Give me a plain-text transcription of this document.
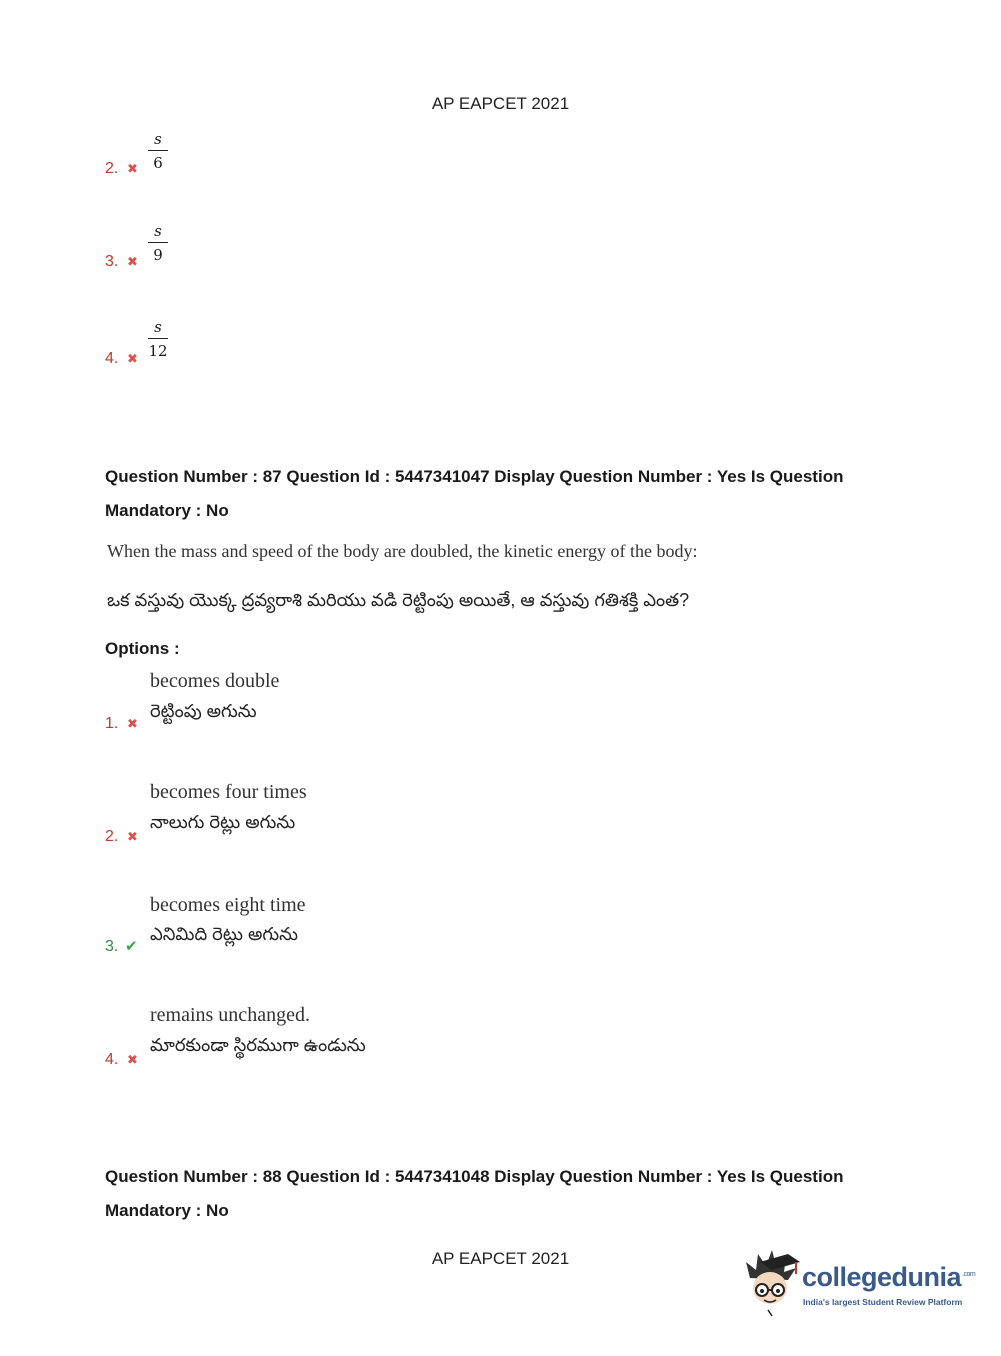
AP EAPCET 2021
2. ✖
s
6
3. ✖
s
9
4. ✖
s
12
Question Number : 87 Question Id : 5447341047 Display Question Number : Yes Is Question
Mandatory : No
When the mass and speed of the body are doubled, the kinetic energy of the body:
ఒక వస్తువు యొక్క ద్రవ్యరాశి మరియు వడి రెట్టింపు అయితే, ఆ వస్తువు గతిశక్తి ఎంత?
Options :
becomes double
రెట్టింపు అగును
1. ✖
becomes four times
నాలుగు రెట్లు అగును
2. ✖
becomes eight time
ఎనిమిది రెట్లు అగును
3. ✔
remains unchanged.
మారకుండా స్థిరముగా ఉండును
4. ✖
Question Number : 88 Question Id : 5447341048 Display Question Number : Yes Is Question
Mandatory : No
AP EAPCET 2021
collegedunia$^{.com}$
India's largest Student Review Platform
